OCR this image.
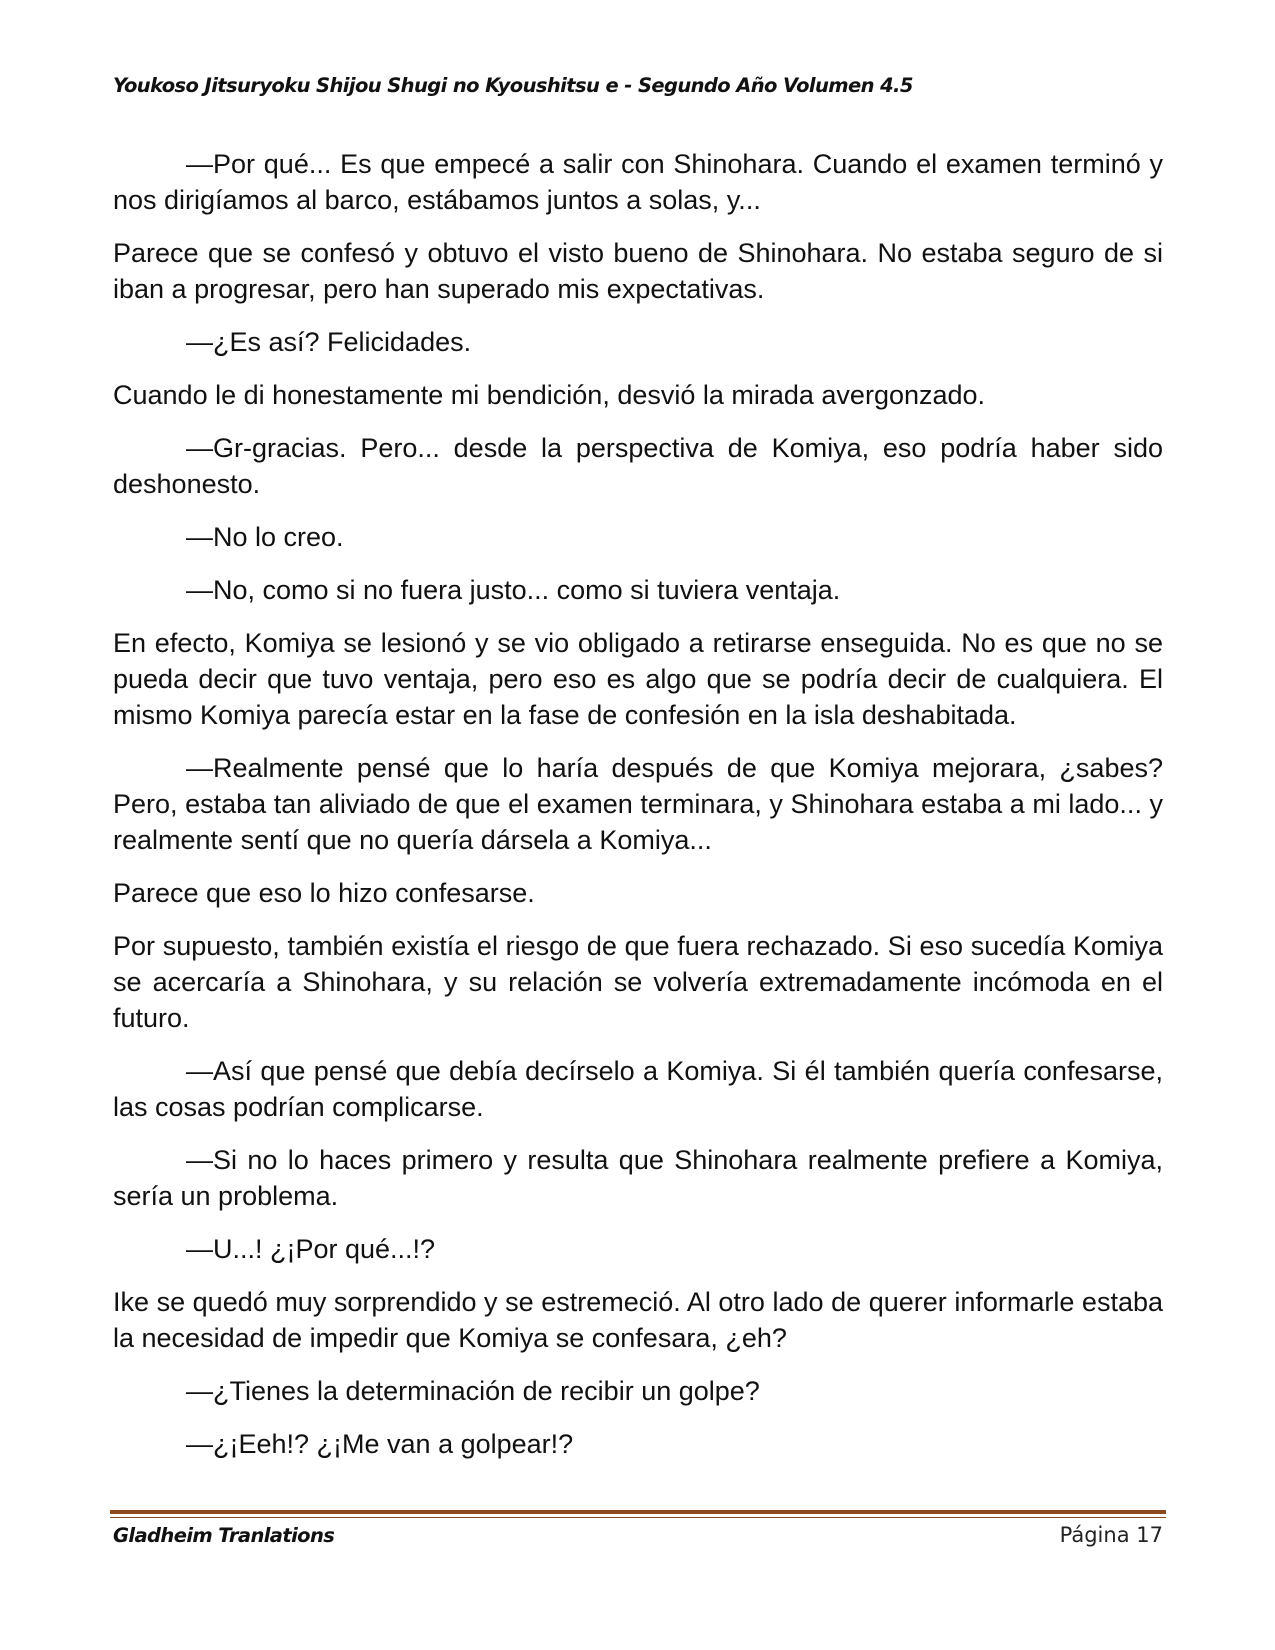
Youkoso Jitsuryoku Shijou Shugi no Kyoushitsu e - Segundo Año Volumen 4.5

—Por qué... Es que empecé a salir con Shinohara. Cuando el examen terminó y nos dirigíamos al barco, estábamos juntos a solas, y...

Parece que se confesó y obtuvo el visto bueno de Shinohara. No estaba seguro de si iban a progresar, pero han superado mis expectativas.

—¿Es así? Felicidades.

Cuando le di honestamente mi bendición, desvió la mirada avergonzado.

—Gr-gracias. Pero... desde la perspectiva de Komiya, eso podría haber sido deshonesto.

—No lo creo.

—No, como si no fuera justo... como si tuviera ventaja.

En efecto, Komiya se lesionó y se vio obligado a retirarse enseguida. No es que no se pueda decir que tuvo ventaja, pero eso es algo que se podría decir de cualquiera. El mismo Komiya parecía estar en la fase de confesión en la isla deshabitada.

—Realmente pensé que lo haría después de que Komiya mejorara, ¿sabes? Pero, estaba tan aliviado de que el examen terminara, y Shinohara estaba a mi lado... y realmente sentí que no quería dársela a Komiya...

Parece que eso lo hizo confesarse.

Por supuesto, también existía el riesgo de que fuera rechazado. Si eso sucedía Komiya se acercaría a Shinohara, y su relación se volvería extremadamente incómoda en el futuro.

—Así que pensé que debía decírselo a Komiya. Si él también quería confesarse, las cosas podrían complicarse.

—Si no lo haces primero y resulta que Shinohara realmente prefiere a Komiya, sería un problema.

—U...! ¿¡Por qué...!?

Ike se quedó muy sorprendido y se estremeció. Al otro lado de querer informarle estaba la necesidad de impedir que Komiya se confesara, ¿eh?

—¿Tienes la determinación de recibir un golpe?

—¿¡Eeh!? ¿¡Me van a golpear!?

Gladheim Tranlations	Página 17
